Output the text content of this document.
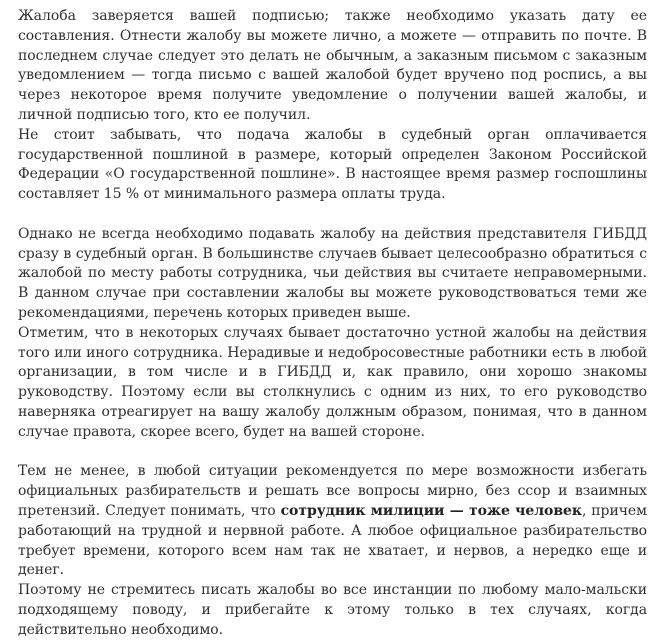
Жалоба заверяется вашей подписью; также необходимо указать дату ее составления. Отнести жалобу вы можете лично, а можете — отправить по почте. В последнем случае следует это делать не обычным, а заказным письмом с заказным уведомлением — тогда письмо с вашей жалобой будет вручено под роспись, а вы через некоторое время получите уведомление о получении вашей жалобы, и личной подписью того, кто ее получил.

Не стоит забывать, что подача жалобы в судебный орган оплачивается государственной пошлиной в размере, который определен Законом Российской Федерации «О государственной пошлине». В настоящее время размер госпошлины составляет 15 % от минимального размера оплаты труда.

Однако не всегда необходимо подавать жалобу на действия представителя ГИБДД сразу в судебный орган. В большинстве случаев бывает целесообразно обратиться с жалобой по месту работы сотрудника, чьи действия вы считаете неправомерными. В данном случае при составлении жалобы вы можете руководствоваться теми же рекомендациями, перечень которых приведен выше.

Отметим, что в некоторых случаях бывает достаточно устной жалобы на действия того или иного сотрудника. Нерадивые и недобросовестные работники есть в любой организации, в том числе и в ГИБДД и, как правило, они хорошо знакомы руководству. Поэтому если вы столкнулись с одним из них, то его руководство наверняка отреагирует на вашу жалобу должным образом, понимая, что в данном случае правота, скорее всего, будет на вашей стороне.

Тем не менее, в любой ситуации рекомендуется по мере возможности избегать официальных разбирательств и решать все вопросы мирно, без ссор и взаимных претензий. Следует понимать, что сотрудник милиции — тоже человек, причем работающий на трудной и нервной работе. А любое официальное разбирательство требует времени, которого всем нам так не хватает, и нервов, а нередко еще и денег.

Поэтому не стремитесь писать жалобы во все инстанции по любому мало-мальски подходящему поводу, и прибегайте к этому только в тех случаях, когда действительно необходимо.
